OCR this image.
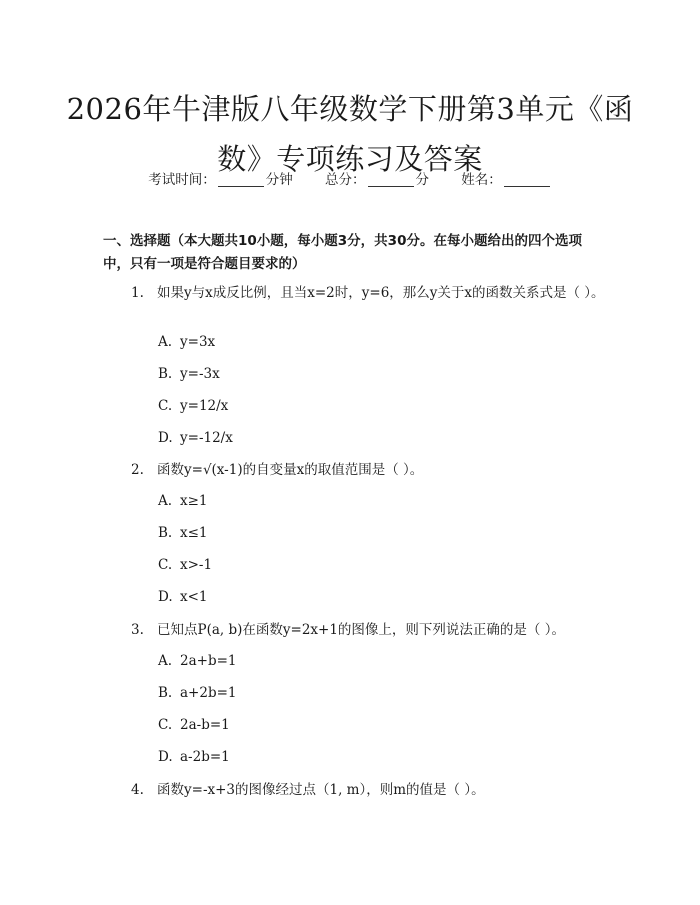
2026年牛津版八年级数学下册第3单元《函数》专项练习及答案
考试时间：	分钟 总分：	分 姓名：
一、选择题（本大题共10小题，每小题3分，共30分。在每小题给出的四个选项中，只有一项是符合题目要求的）
1. 如果y与x成反比例，且当x=2时，y=6，那么y关于x的函数关系式是（ ）。
A. y=3x
B. y=-3x
C. y=12/x
D. y=-12/x
2. 函数y=√(x-1)的自变量x的取值范围是（ ）。
A. x≥1
B. x≤1
C. x>-1
D. x<1
3. 已知点P(a, b)在函数y=2x+1的图像上，则下列说法正确的是（ ）。
A. 2a+b=1
B. a+2b=1
C. 2a-b=1
D. a-2b=1
4. 函数y=-x+3的图像经过点（1, m），则m的值是（ ）。
